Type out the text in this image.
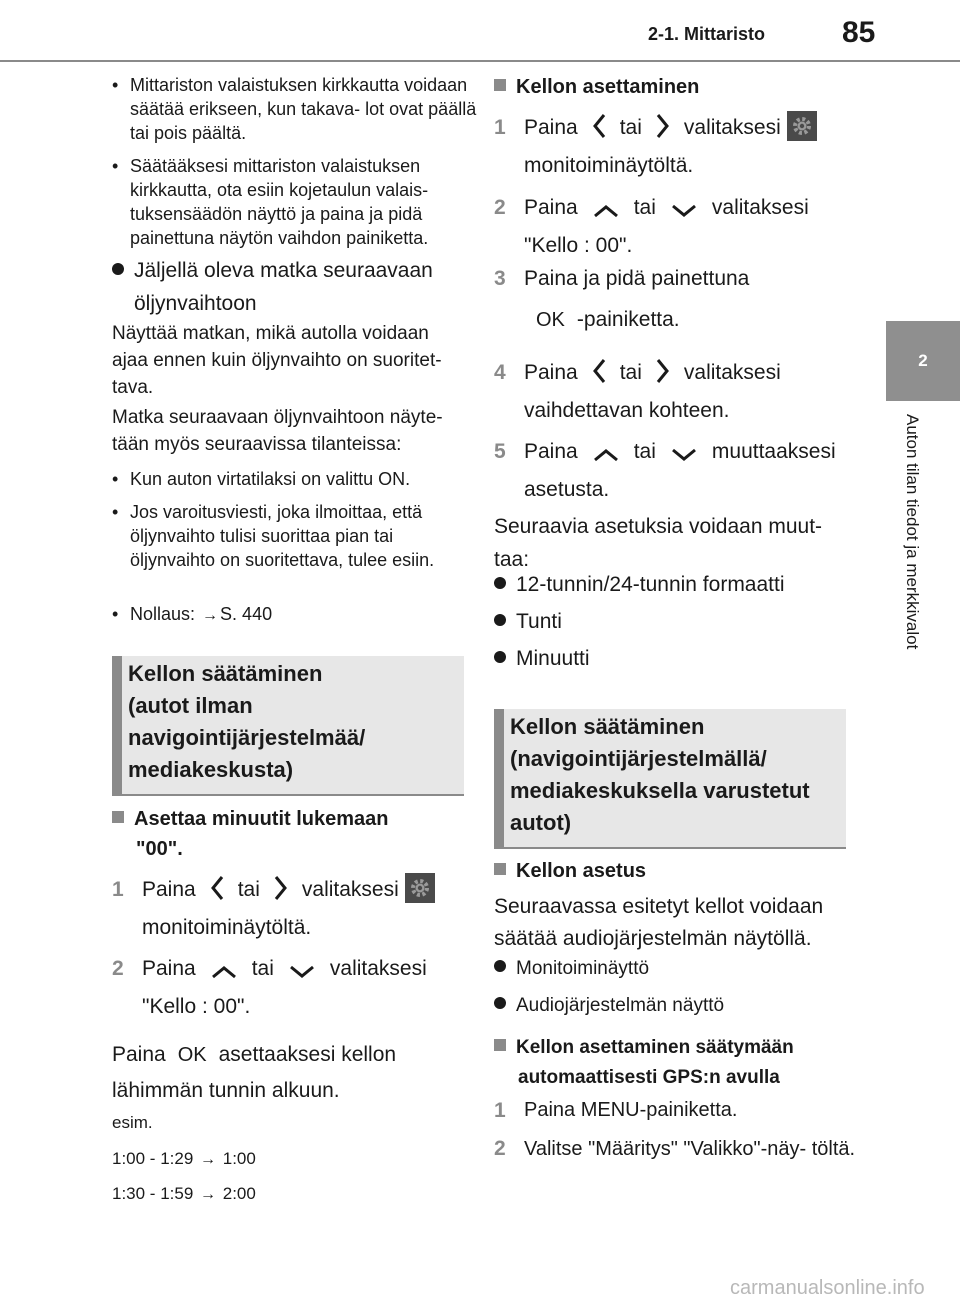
2-1. Mittaristo	85
2
Auton tilan tiedot ja merkkivalot
• Mittariston valaistuksen kirkkautta voidaan säätää erikseen, kun takava- lot ovat päällä tai pois päältä.
• Säätääksesi mittariston valaistuksen kirkkautta, ota esiin kojetaulun valais- tuksensäädön näyttö ja paina ja pidä painettuna näytön vaihdon painiketta.
Jäljellä oleva matka seuraavaan
öljynvaihtoon
Näyttää matkan, mikä autolla voidaan ajaa ennen kuin öljynvaihto on suoritet- tava.
Matka seuraavaan öljynvaihtoon näyte- tään myös seuraavissa tilanteissa:
• Kun auton virtatilaksi on valittu ON.
• Jos varoitusviesti, joka ilmoittaa, että öljynvaihto tulisi suorittaa pian tai öljynvaihto on suoritettava, tulee esiin.
• Nollaus: → S. 440
Kellon säätäminen
(autot ilman
navigointijärjestelmää/
mediakeskusta)
Asettaa minuutit lukemaan
"00".
1 Paina tai valitaksesi

monitoiminäytöltä.
2 Paina	tai	valitaksesi
"Kello : 00".
Paina OK asettaaksesi kellon
lähimmän tunnin alkuun.
esim.
1:00 - 1:29 → 1:00
1:30 - 1:59 → 2:00
Kellon asettaminen
1 Paina tai valitaksesi

monitoiminäytöltä.
2 Paina	tai	valitaksesi
"Kello : 00".
3 Paina ja pidä painettuna

OK -painiketta.
4 Paina tai valitaksesi
vaihdettavan kohteen.
5 Paina	tai	muuttaaksesi
asetusta.
Seuraavia asetuksia voidaan muut- taa:
12-tunnin/24-tunnin formaatti
Tunti
Minuutti
Kellon säätäminen
(navigointijärjestelmällä/
mediakeskuksella varustetut
autot)
Kellon asetus
Seuraavassa esitetyt kellot voidaan säätää audiojärjestelmän näytöllä.
Monitoiminäyttö
Audiojärjestelmän näyttö
Kellon asettaminen säätymään
automaattisesti GPS:n avulla
1 Paina MENU-painiketta.
2 Valitse "Määritys" "Valikko"-näy- töltä.
carmanualsonline.info
